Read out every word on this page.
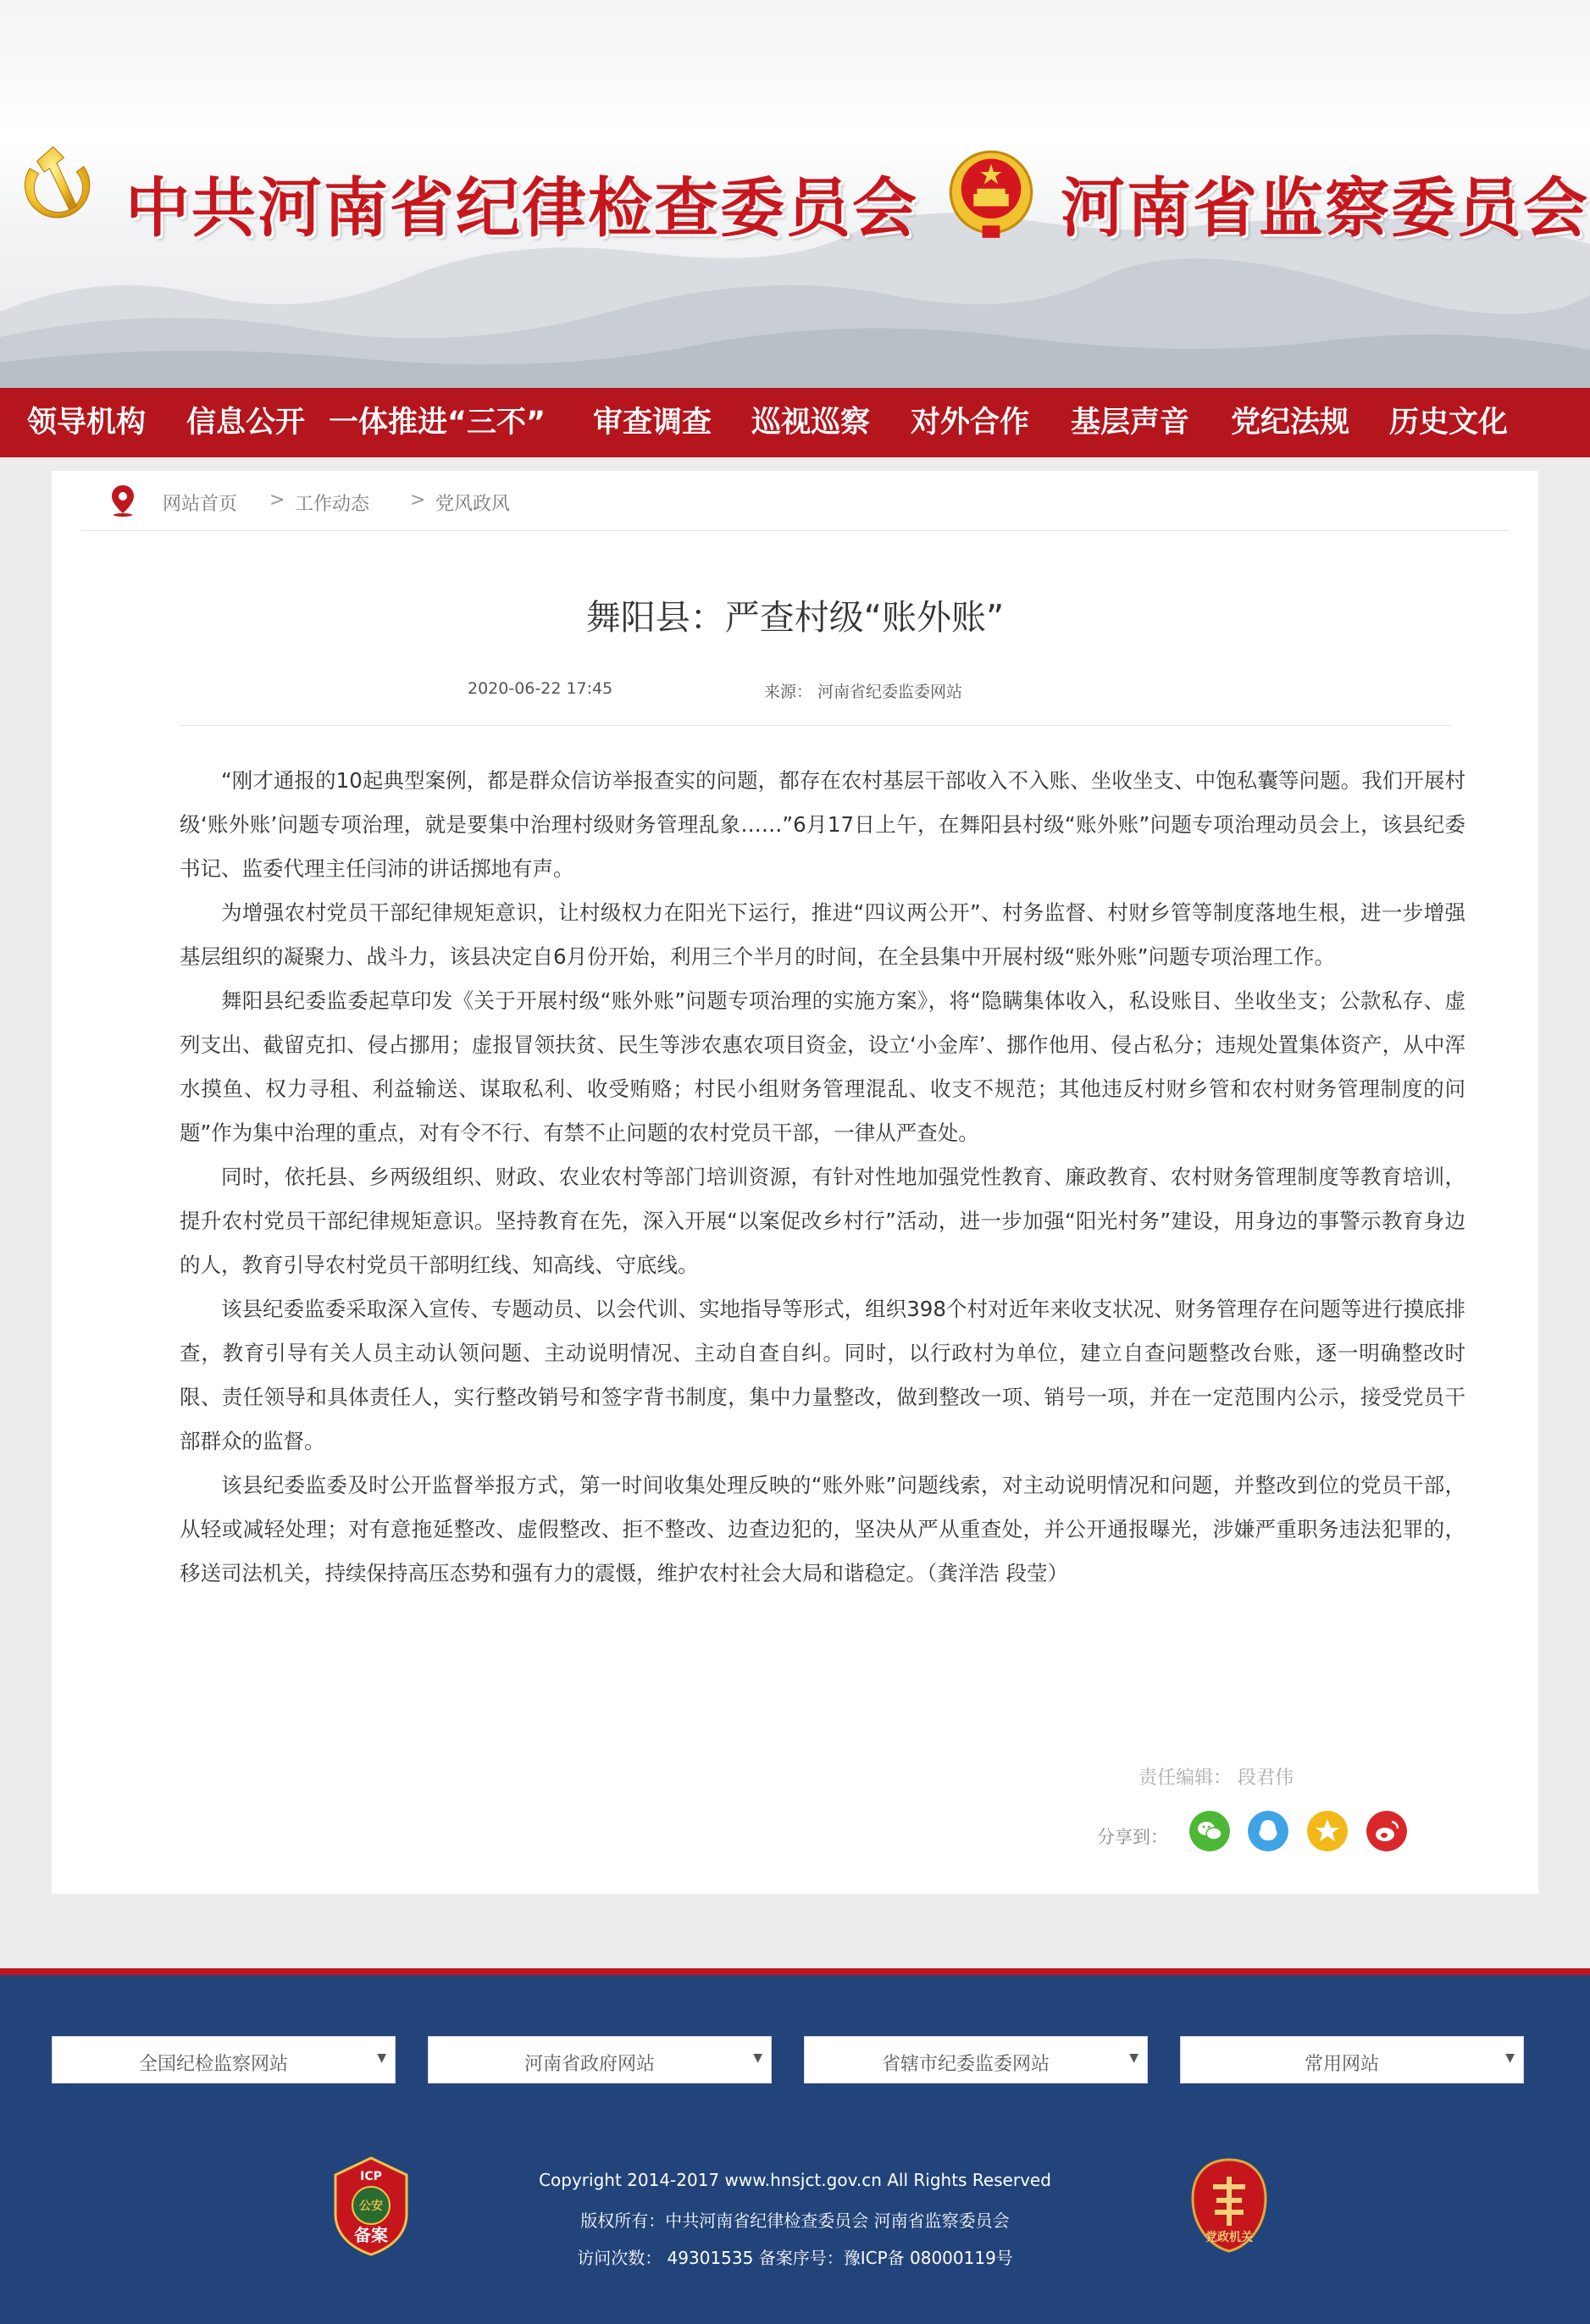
中共河南省纪律检查委员会 河南省监察委员会
领导机构 信息公开 一体推进“三不” 审查调查 巡视巡察 对外合作 基层声音 党纪法规 历史文化
网站首页 > 工作动态 > 党风政风
舞阳县：严查村级“账外账”
2020-06-22 17:45	来源： 河南省纪委监委网站

“刚才通报的10起典型案例，都是群众信访举报查实的问题，都存在农村基层干部收入不入账、坐收坐支、中饱私囊等问题。我们开展村级‘账外账’问题专项治理，就是要集中治理村级财务管理乱象……”6月17日上午，在舞阳县村级“账外账”问题专项治理动员会上，该县纪委书记、监委代理主任闫沛的讲话掷地有声。

为增强农村党员干部纪律规矩意识，让村级权力在阳光下运行，推进“四议两公开”、村务监督、村财乡管等制度落地生根，进一步增强基层组织的凝聚力、战斗力，该县决定自6月份开始，利用三个半月的时间，在全县集中开展村级“账外账”问题专项治理工作。

舞阳县纪委监委起草印发《关于开展村级“账外账”问题专项治理的实施方案》，将“隐瞒集体收入，私设账目、坐收坐支；公款私存、虚列支出、截留克扣、侵占挪用；虚报冒领扶贫、民生等涉农惠农项目资金，设立‘小金库’、挪作他用、侵占私分；违规处置集体资产，从中浑水摸鱼、权力寻租、利益输送、谋取私利、收受贿赂；村民小组财务管理混乱、收支不规范；其他违反村财乡管和农村财务管理制度的问题”作为集中治理的重点，对有令不行、有禁不止问题的农村党员干部，一律从严查处。

同时，依托县、乡两级组织、财政、农业农村等部门培训资源，有针对性地加强党性教育、廉政教育、农村财务管理制度等教育培训，提升农村党员干部纪律规矩意识。坚持教育在先，深入开展“以案促改乡村行”活动，进一步加强“阳光村务”建设，用身边的事警示教育身边的人，教育引导农村党员干部明红线、知高线、守底线。

该县纪委监委采取深入宣传、专题动员、以会代训、实地指导等形式，组织398个村对近年来收支状况、财务管理存在问题等进行摸底排查，教育引导有关人员主动认领问题、主动说明情况、主动自查自纠。同时，以行政村为单位，建立自查问题整改台账，逐一明确整改时限、责任领导和具体责任人，实行整改销号和签字背书制度，集中力量整改，做到整改一项、销号一项，并在一定范围内公示，接受党员干部群众的监督。

该县纪委监委及时公开监督举报方式，第一时间收集处理反映的“账外账”问题线索，对主动说明情况和问题，并整改到位的党员干部，从轻或减轻处理；对有意拖延整改、虚假整改、拒不整改、边查边犯的，坚决从严从重查处，并公开通报曝光，涉嫌严重职务违法犯罪的，移送司法机关，持续保持高压态势和强有力的震慑，维护农村社会大局和谐稳定。（龚洋浩 段莹）

责任编辑： 段君伟
分享到：
全国纪检监察网站	▼	河南省政府网站	▼	省辖市纪委监委网站	▼	常用网站	▼
ICP
公安
备案
Copyright 2014-2017 www.hnsjct.gov.cn All Rights Reserved
版权所有：中共河南省纪律检查委员会 河南省监察委员会
访问次数： 49301535 备案序号：豫ICP备 08000119号
党政机关
